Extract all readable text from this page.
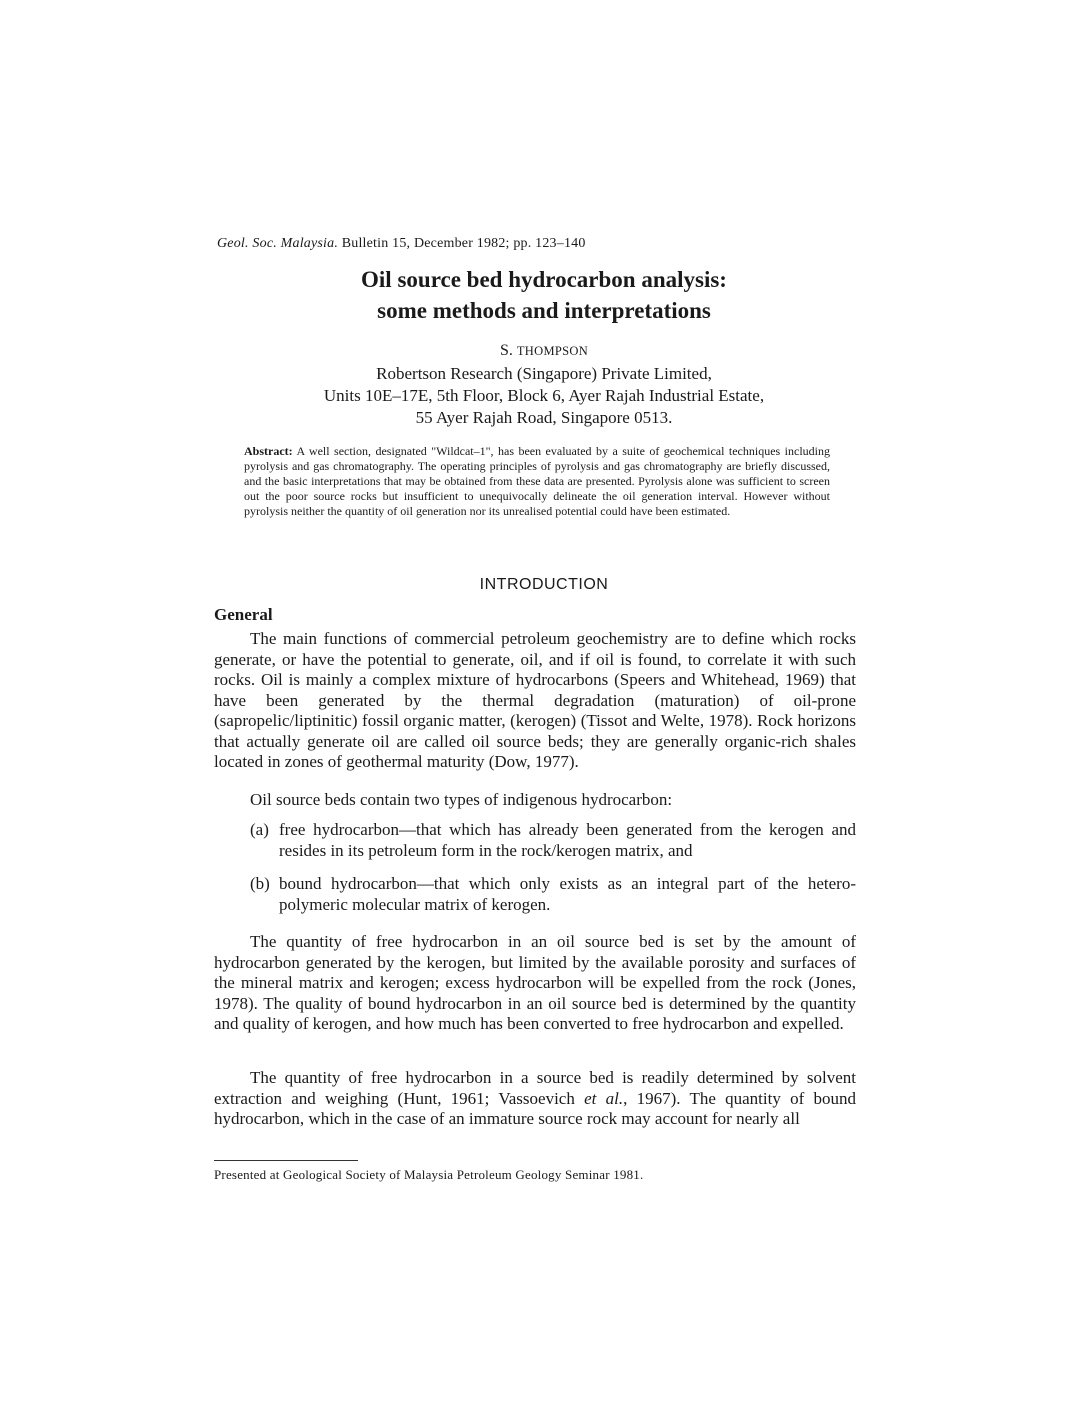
Geol. Soc. Malaysia. Bulletin 15, December 1982; pp. 123–140
Oil source bed hydrocarbon analysis:
some methods and interpretations
S. THOMPSON
Robertson Research (Singapore) Private Limited,
Units 10E–17E, 5th Floor, Block 6, Ayer Rajah Industrial Estate,
55 Ayer Rajah Road, Singapore 0513.
Abstract: A well section, designated "Wildcat–1", has been evaluated by a suite of geochemical techniques including pyrolysis and gas chromatography. The operating principles of pyrolysis and gas chromatography are briefly discussed, and the basic interpretations that may be obtained from these data are presented. Pyrolysis alone was sufficient to screen out the poor source rocks but insufficient to unequivocally delineate the oil generation interval. However without pyrolysis neither the quantity of oil generation nor its unrealised potential could have been estimated.
INTRODUCTION
General

The main functions of commercial petroleum geochemistry are to define which rocks generate, or have the potential to generate, oil, and if oil is found, to correlate it with such rocks. Oil is mainly a complex mixture of hydrocarbons (Speers and Whitehead, 1969) that have been generated by the thermal degradation (maturation) of oil-prone (sapropelic/liptinitic) fossil organic matter, (kerogen) (Tissot and Welte, 1978). Rock horizons that actually generate oil are called oil source beds; they are generally organic-rich shales located in zones of geothermal maturity (Dow, 1977).

Oil source beds contain two types of indigenous hydrocarbon:

(a) free hydrocarbon—that which has already been generated from the kerogen and resides in its petroleum form in the rock/kerogen matrix, and
(b) bound hydrocarbon—that which only exists as an integral part of the hetero-polymeric molecular matrix of kerogen.

The quantity of free hydrocarbon in an oil source bed is set by the amount of hydrocarbon generated by the kerogen, but limited by the available porosity and surfaces of the mineral matrix and kerogen; excess hydrocarbon will be expelled from the rock (Jones, 1978). The quality of bound hydrocarbon in an oil source bed is determined by the quantity and quality of kerogen, and how much has been converted to free hydrocarbon and expelled.

The quantity of free hydrocarbon in a source bed is readily determined by solvent extraction and weighing (Hunt, 1961; Vassoevich et al., 1967). The quantity of bound hydrocarbon, which in the case of an immature source rock may account for nearly all

Presented at Geological Society of Malaysia Petroleum Geology Seminar 1981.
